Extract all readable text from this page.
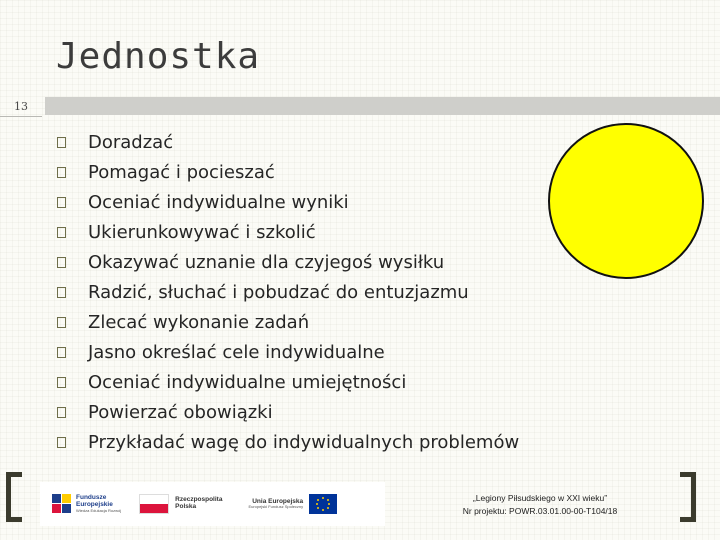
Jednostka
13
Doradzać
Pomagać i pocieszać
Oceniać indywidualne wyniki
Ukierunkowywać i szkolić
Okazywać uznanie dla czyjegoś wysiłku
Radzić, słuchać i pobudzać do entuzjazmu
Zlecać wykonanie zadań
Jasno określać cele indywidualne
Oceniać indywidualne umiejętności
Powierzać obowiązki
Przykładać wagę do indywidualnych problemów
Fundusze
Europejskie
Wiedza Edukacja Rozwój
Rzeczpospolita
Polska
Unia Europejska
Europejski Fundusz Społeczny
„Legiony Piłsudskiego w XXI wieku”
Nr projektu: POWR.03.01.00-00-T104/18
